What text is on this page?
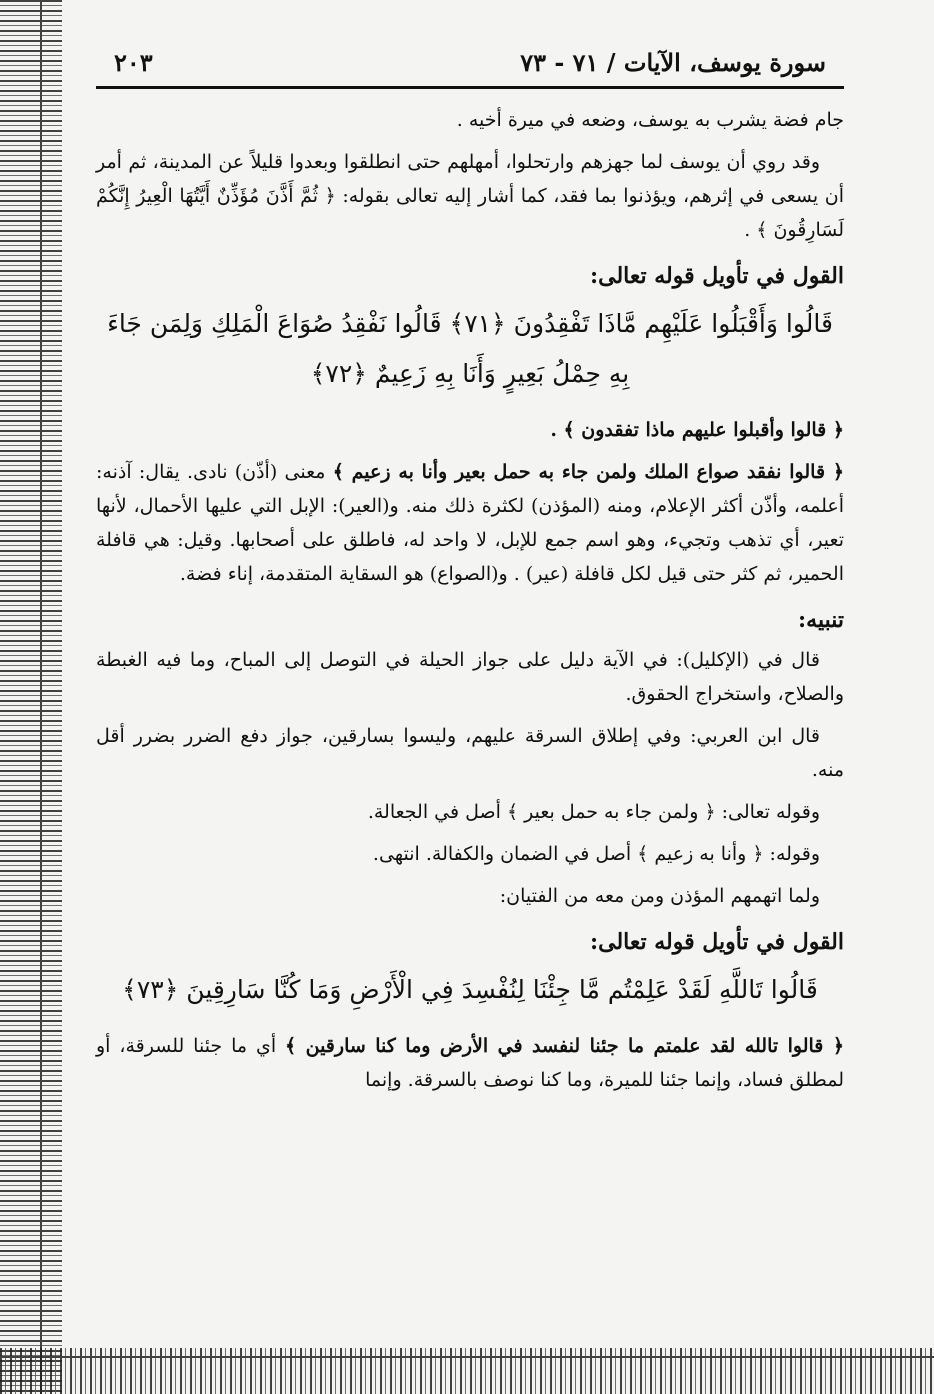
سورة يوسف، الآيات / ٧١ - ٧٣
٢٠٣

جام فضة يشرب به يوسف، وضعه في ميرة أخيه .

وقد روي أن يوسف لما جهزهم وارتحلوا، أمهلهم حتى انطلقوا وبعدوا قليلاً عن المدينة، ثم أمر أن يسعى في إثرهم، ويؤذنوا بما فقد، كما أشار إليه تعالى بقوله: ﴿ ثُمَّ أَذَّنَ مُؤَذِّنٌ أَيَّتُهَا الْعِيرُ إِنَّكُمْ لَسَارِقُونَ ﴾ .

القول في تأويل قوله تعالى:
قَالُوا وَأَقْبَلُوا عَلَيْهِم مَّاذَا تَفْقِدُونَ ﴿٧١﴾ قَالُوا نَفْقِدُ صُوَاعَ الْمَلِكِ وَلِمَن جَاءَ بِهِ حِمْلُ بَعِيرٍ وَأَنَا بِهِ زَعِيمٌ ﴿٧٢﴾

﴿ قالوا وأقبلوا عليهم ماذا تفقدون ﴾ .

﴿ قالوا نفقد صواع الملك ولمن جاء به حمل بعير وأنا به زعيم ﴾ معنى (أذّن) نادى. يقال: آذنه: أعلمه، وأذّن أكثر الإعلام، ومنه (المؤذن) لكثرة ذلك منه. و(العير): الإبل التي عليها الأحمال، لأنها تعير، أي تذهب وتجيء، وهو اسم جمع للإبل، لا واحد له، فاطلق على أصحابها. وقيل: هي قافلة الحمير، ثم كثر حتى قيل لكل قافلة (عير) . و(الصواع) هو السقاية المتقدمة، إناء فضة.

تنبيه:

قال في (الإكليل): في الآية دليل على جواز الحيلة في التوصل إلى المباح، وما فيه الغبطة والصلاح، واستخراج الحقوق.

قال ابن العربي: وفي إطلاق السرقة عليهم، وليسوا بسارقين، جواز دفع الضرر بضرر أقل منه.

وقوله تعالى: ﴿ ولمن جاء به حمل بعير ﴾ أصل في الجعالة.

وقوله: ﴿ وأنا به زعيم ﴾ أصل في الضمان والكفالة. انتهى.

ولما اتهمهم المؤذن ومن معه من الفتيان:

القول في تأويل قوله تعالى:
قَالُوا تَاللَّهِ لَقَدْ عَلِمْتُم مَّا جِئْنَا لِنُفْسِدَ فِي الْأَرْضِ وَمَا كُنَّا سَارِقِينَ ﴿٧٣﴾

﴿ قالوا تالله لقد علمتم ما جئنا لنفسد في الأرض وما كنا سارقين ﴾ أي ما جئنا للسرقة، أو لمطلق فساد، وإنما جئنا للميرة، وما كنا نوصف بالسرقة. وإنما
